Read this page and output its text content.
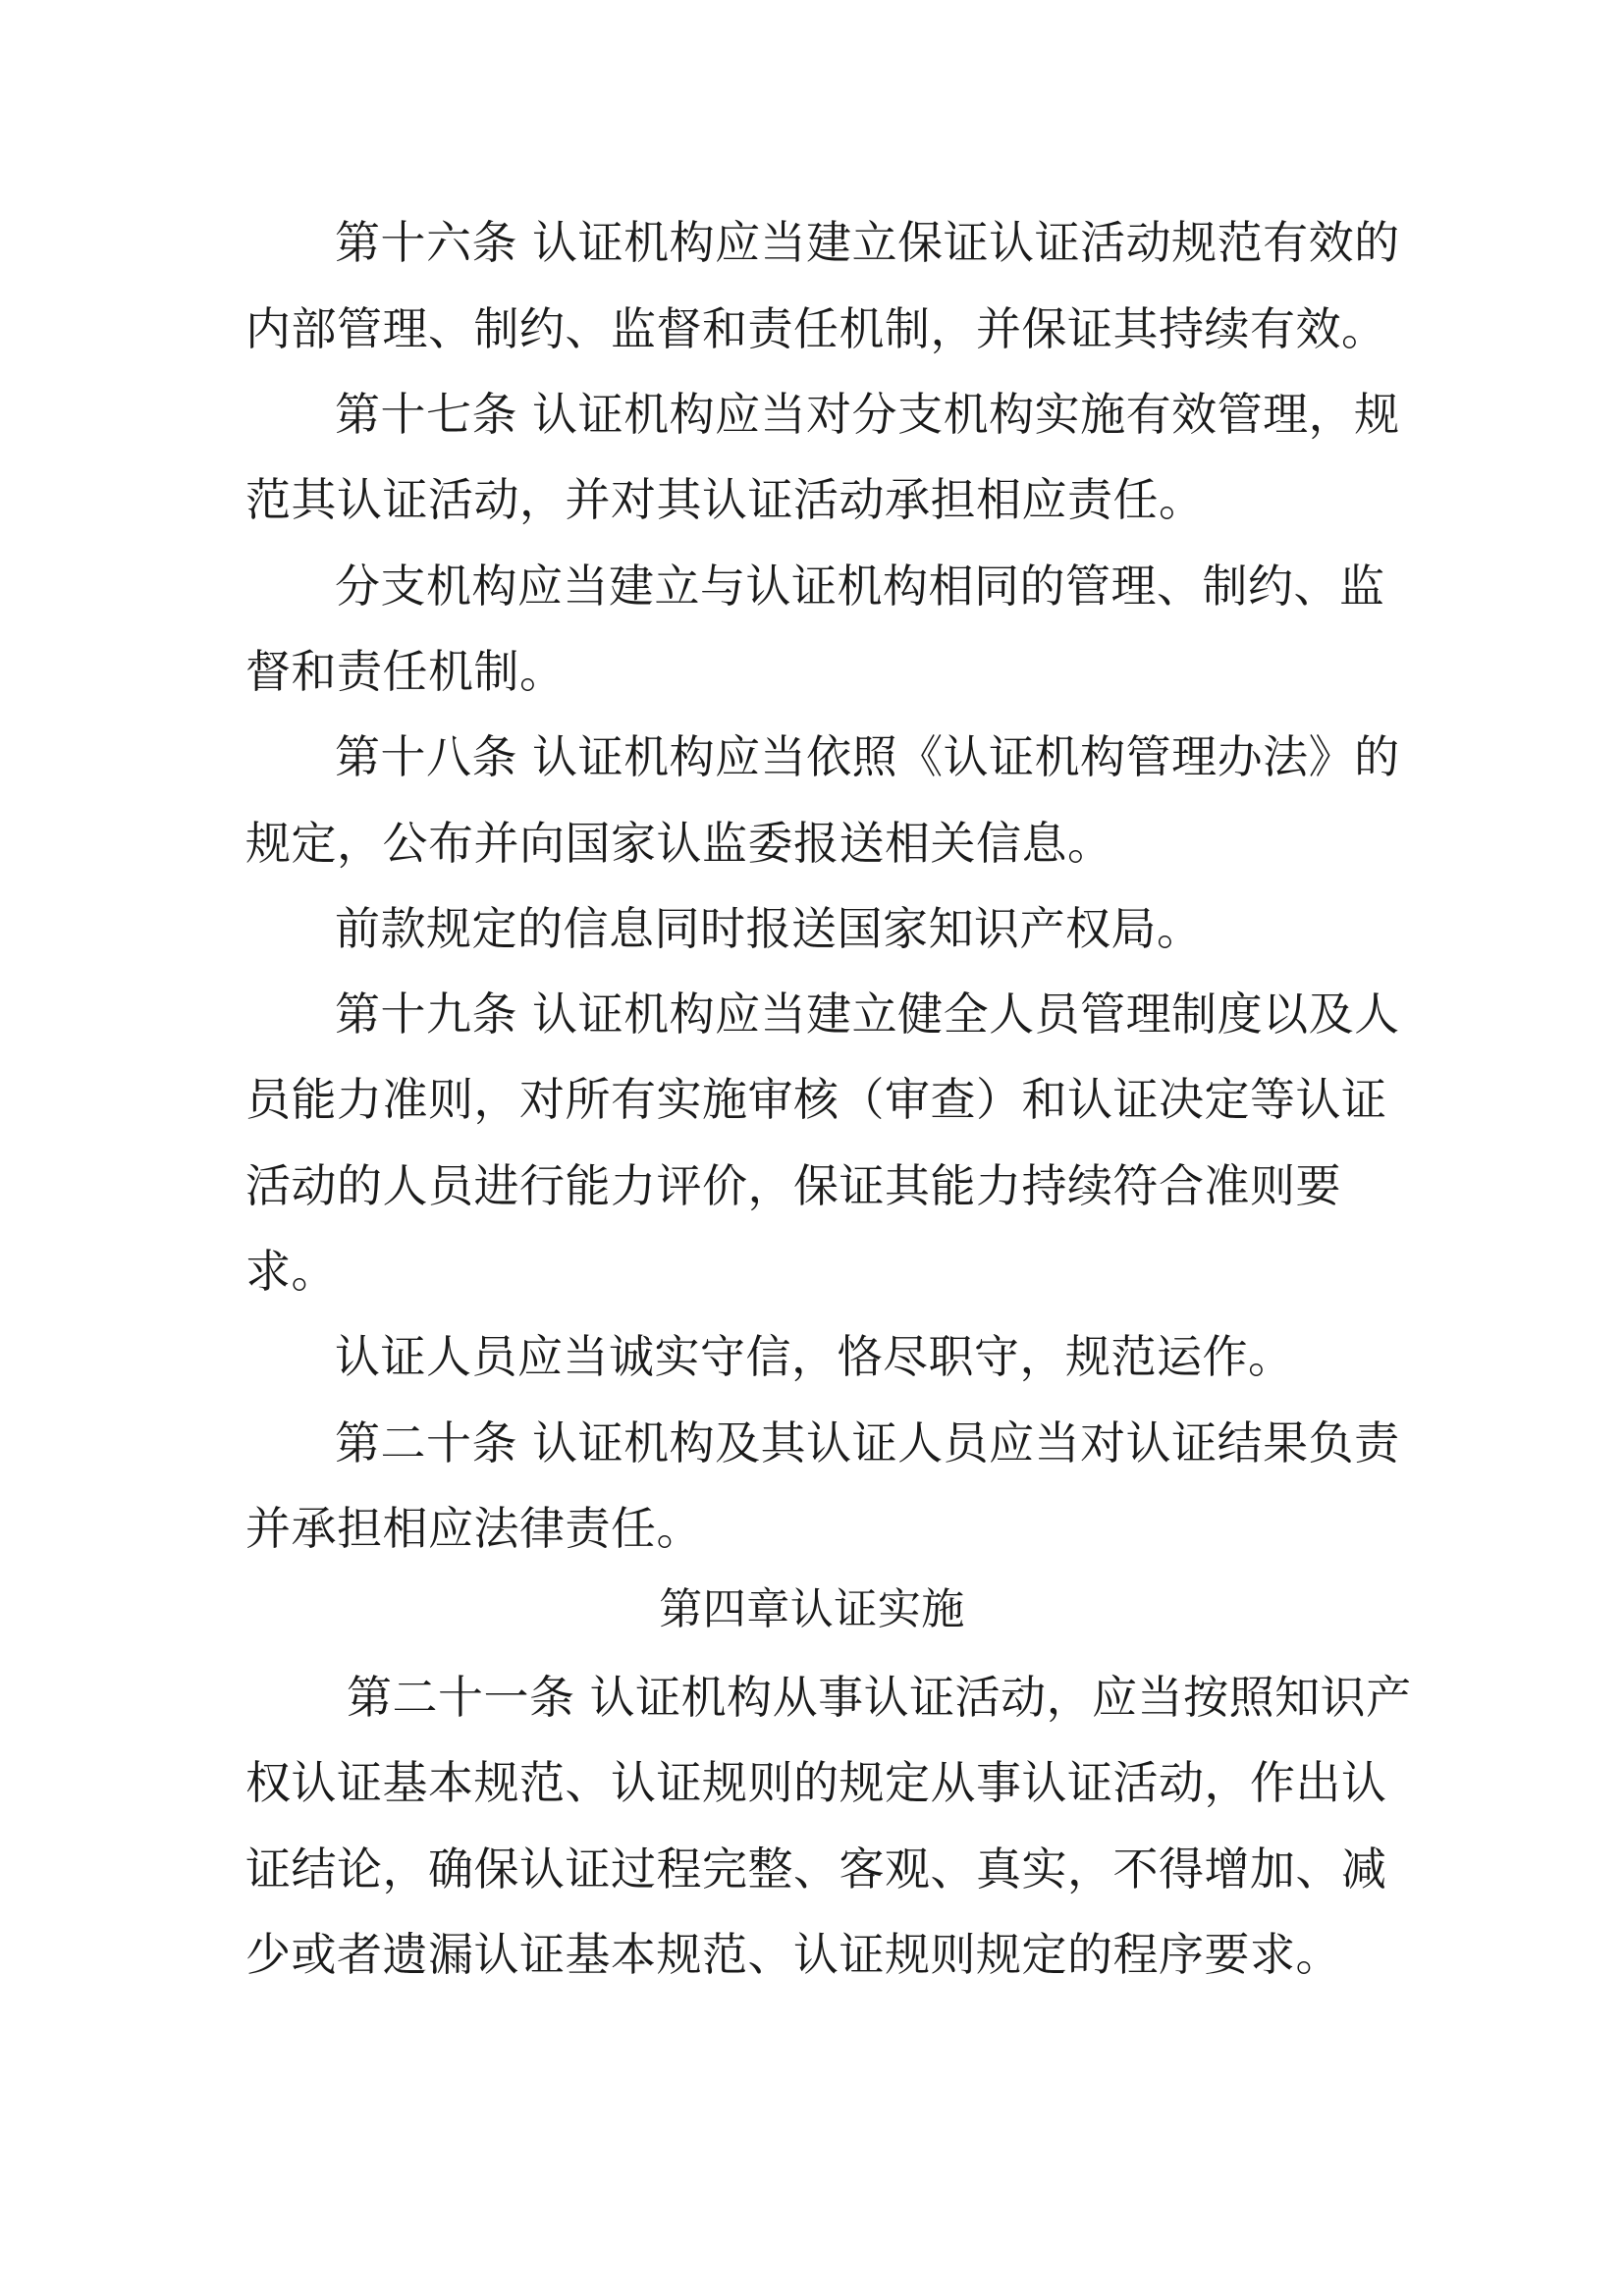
第十六条 认证机构应当建立保证认证活动规范有效的
内部管理、制约、监督和责任机制，并保证其持续有效。
第十七条 认证机构应当对分支机构实施有效管理，规
范其认证活动，并对其认证活动承担相应责任。
分支机构应当建立与认证机构相同的管理、制约、监
督和责任机制。
第十八条 认证机构应当依照《认证机构管理办法》的
规定，公布并向国家认监委报送相关信息。
前款规定的信息同时报送国家知识产权局。
第十九条 认证机构应当建立健全人员管理制度以及人
员能力准则，对所有实施审核（审查）和认证决定等认证
活动的人员进行能力评价，保证其能力持续符合准则要
求。
认证人员应当诚实守信，恪尽职守，规范运作。
第二十条 认证机构及其认证人员应当对认证结果负责
并承担相应法律责任。
第四章认证实施
第二十一条 认证机构从事认证活动，应当按照知识产
权认证基本规范、认证规则的规定从事认证活动，作出认
证结论，确保认证过程完整、客观、真实，不得增加、减
少或者遗漏认证基本规范、认证规则规定的程序要求。
